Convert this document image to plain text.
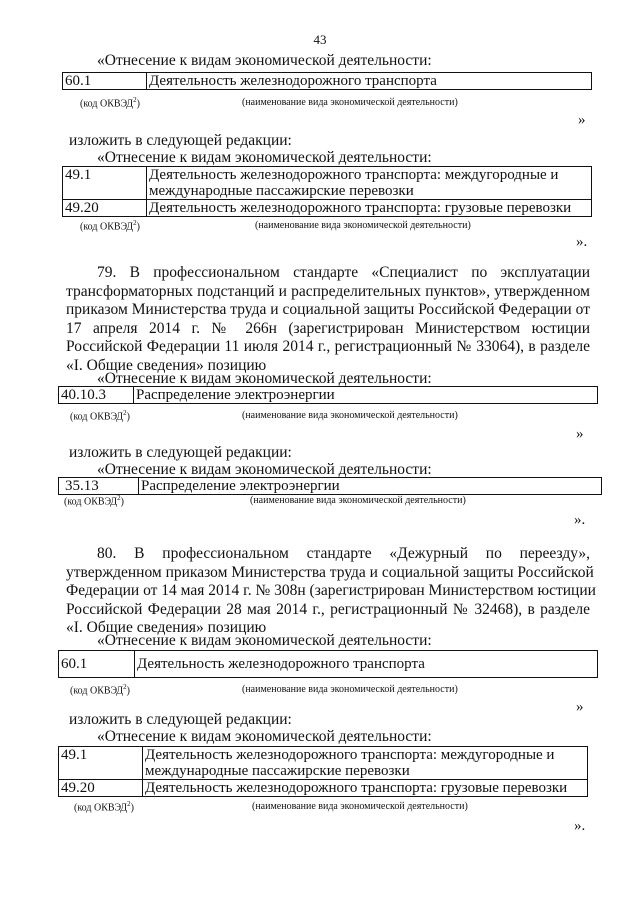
43
«Отнесение к видам экономической деятельности:
60.1	Деятельность железнодорожного транспорта
(код ОКВЭД$^2$)	(наименование вида экономической деятельности)
»
изложить в следующей редакции:
«Отнесение к видам экономической деятельности:
49.1	Деятельность железнодорожного транспорта: междугородные и
международные пассажирские перевозки
49.20	Деятельность железнодорожного транспорта: грузовые перевозки
(код ОКВЭД$^2$)	(наименование вида экономической деятельности)
».
79. В профессиональном стандарте «Специалист по эксплуатации
трансформаторных подстанций и распределительных пунктов», утвержденном
приказом Министерства труда и социальной защиты Российской Федерации от
17 апреля 2014 г. № 266н (зарегистрирован Министерством юстиции
Российской Федерации 11 июля 2014 г., регистрационный № 33064), в разделе
«I. Общие сведения» позицию
«Отнесение к видам экономической деятельности:
40.10.3	Распределение электроэнергии
(код ОКВЭД$^2$)	(наименование вида экономической деятельности)
»
изложить в следующей редакции:
«Отнесение к видам экономической деятельности:
35.13	Распределение электроэнергии
(код ОКВЭД$^2$)	(наименование вида экономической деятельности)
».
80. В профессиональном стандарте «Дежурный по переезду»,
утвержденном приказом Министерства труда и социальной защиты Российской
Федерации от 14 мая 2014 г. № 308н (зарегистрирован Министерством юстиции
Российской Федерации 28 мая 2014 г., регистрационный № 32468), в разделе
«I. Общие сведения» позицию
«Отнесение к видам экономической деятельности:
60.1	Деятельность железнодорожного транспорта
(код ОКВЭД$^2$)	(наименование вида экономической деятельности)
»
изложить в следующей редакции:
«Отнесение к видам экономической деятельности:
49.1	Деятельность железнодорожного транспорта: междугородные и
международные пассажирские перевозки
49.20	Деятельность железнодорожного транспорта: грузовые перевозки
(код ОКВЭД$^2$)	(наименование вида экономической деятельности)
».
